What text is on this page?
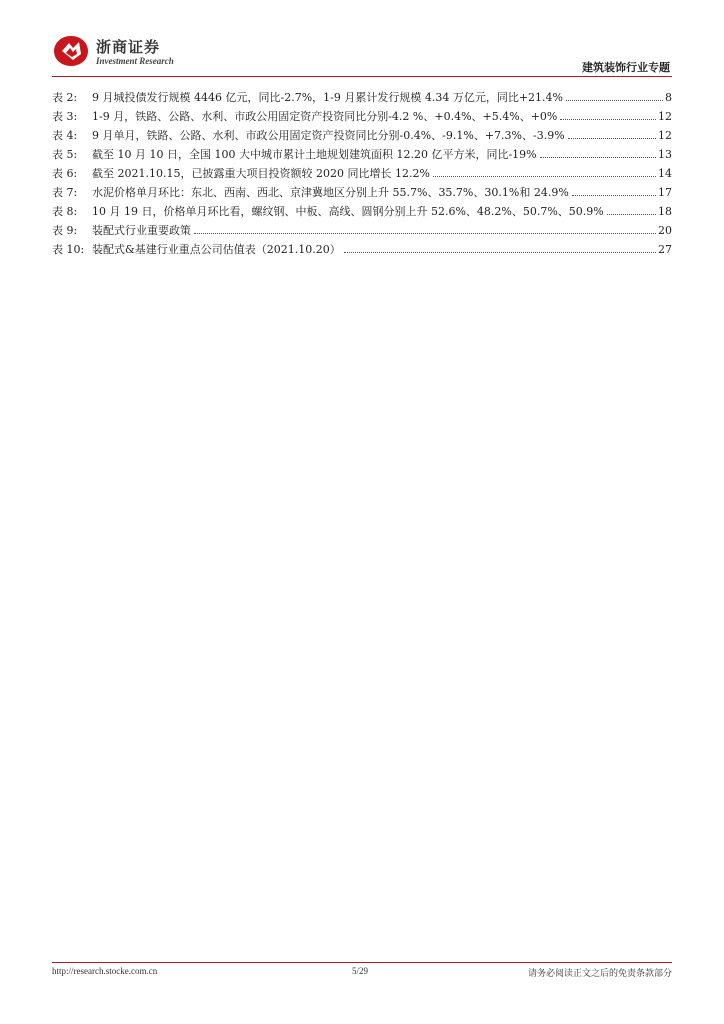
浙商证券
Investment Research	建筑装饰行业专题
表 2:	9 月城投债发行规模 4446 亿元，同比-2.7%，1-9 月累计发行规模 4.34 万亿元，同比+21.4%	8
表 3:	1-9 月，铁路、公路、水利、市政公用固定资产投资同比分别-4.2 %、+0.4%、+5.4%、+0%	12
表 4:	9 月单月，铁路、公路、水利、市政公用固定资产投资同比分别-0.4%、-9.1%、+7.3%、-3.9%	12
表 5:	截至 10 月 10 日，全国 100 大中城市累计土地规划建筑面积 12.20 亿平方米，同比-19%	13
表 6:	截至 2021.10.15，已披露重大项目投资额较 2020 同比增长 12.2%	14
表 7:	水泥价格单月环比：东北、西南、西北、京津冀地区分别上升 55.7%、35.7%、30.1%和 24.9%	17
表 8:	10 月 19 日，价格单月环比看，螺纹钢、中板、高线、圆钢分别上升 52.6%、48.2%、50.7%、50.9%	18
表 9:	装配式行业重要政策	20
表 10: 装配式&基建行业重点公司估值表（2021.10.20）	27
http://research.stocke.com.cn	5/29	请务必阅读正文之后的免责条款部分
